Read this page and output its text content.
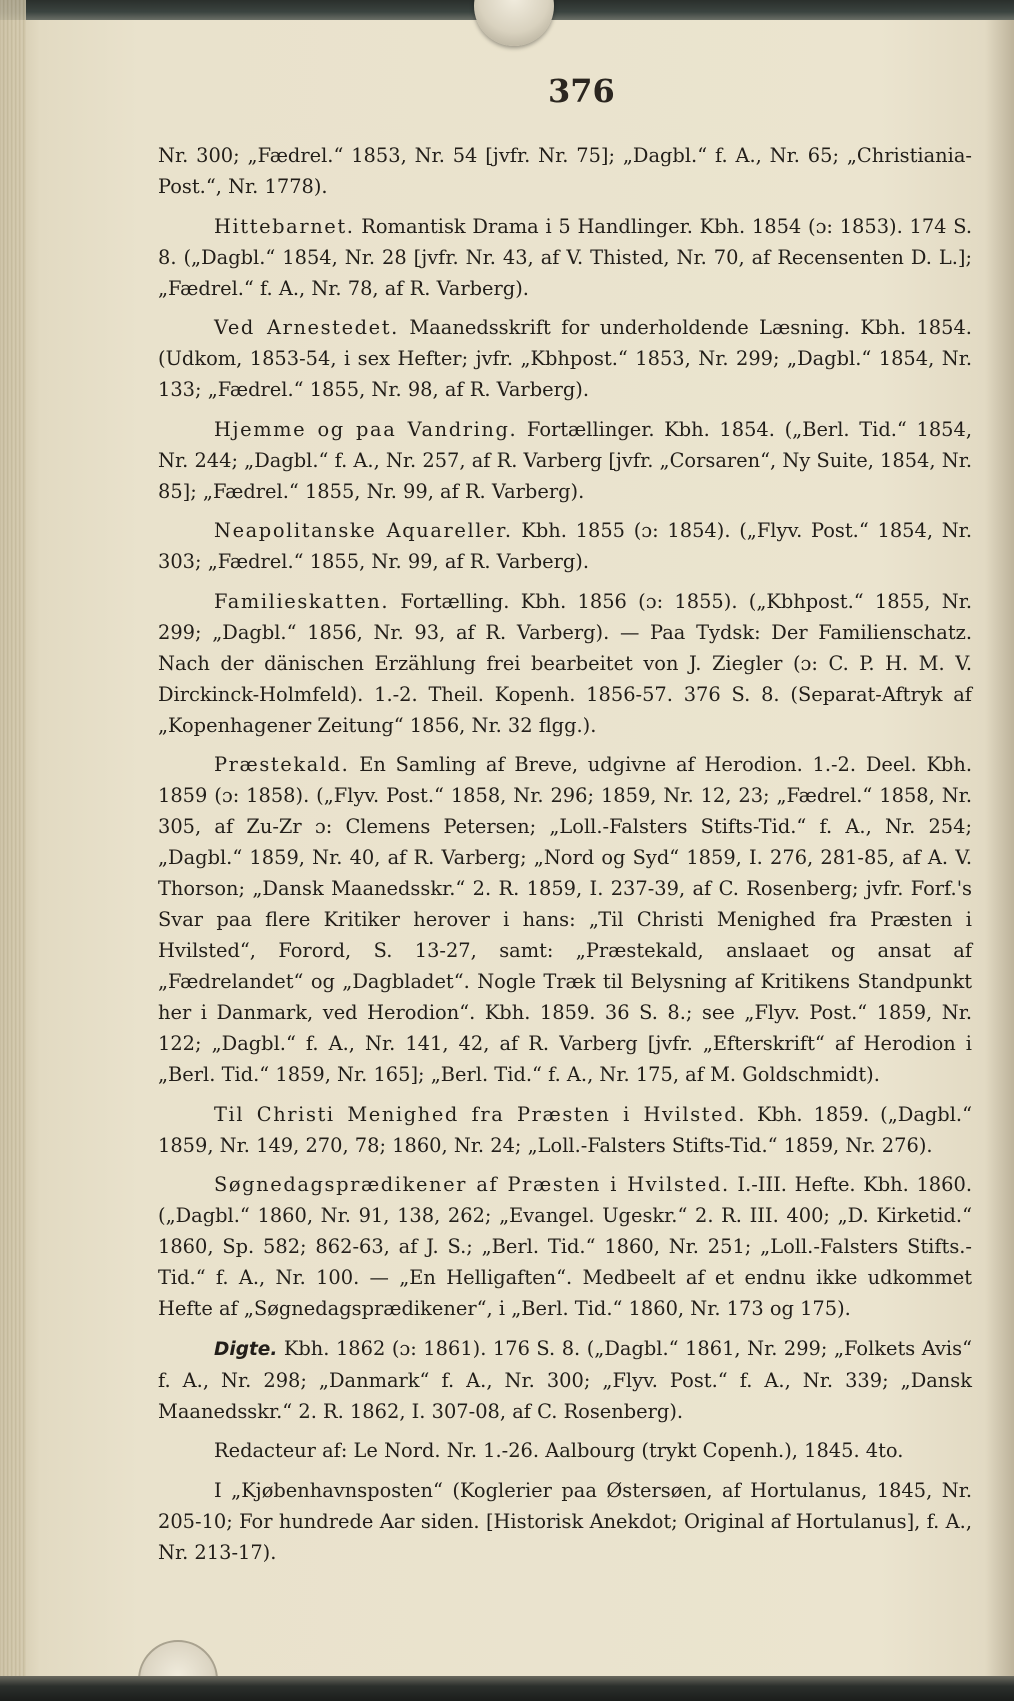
376

Nr. 300; „Fædrel.“ 1853, Nr. 54 [jvfr. Nr. 75]; „Dagbl.“ f. A., Nr. 65; „Christiania-Post.“, Nr. 1778).

Hittebarnet. Romantisk Drama i 5 Handlinger. Kbh. 1854 (ɔ: 1853). 174 S. 8. („Dagbl.“ 1854, Nr. 28 [jvfr. Nr. 43, af V. Thisted, Nr. 70, af Recensenten D. L.]; „Fædrel.“ f. A., Nr. 78, af R. Varberg).

Ved Arnestedet. Maanedsskrift for underholdende Læsning. Kbh. 1854. (Udkom, 1853-54, i sex Hefter; jvfr. „Kbhpost.“ 1853, Nr. 299; „Dagbl.“ 1854, Nr. 133; „Fædrel.“ 1855, Nr. 98, af R. Varberg).

Hjemme og paa Vandring. Fortællinger. Kbh. 1854. („Berl. Tid.“ 1854, Nr. 244; „Dagbl.“ f. A., Nr. 257, af R. Varberg [jvfr. „Corsaren“, Ny Suite, 1854, Nr. 85]; „Fædrel.“ 1855, Nr. 99, af R. Varberg).

Neapolitanske Aquareller. Kbh. 1855 (ɔ: 1854). („Flyv. Post.“ 1854, Nr. 303; „Fædrel.“ 1855, Nr. 99, af R. Varberg).

Familieskatten. Fortælling. Kbh. 1856 (ɔ: 1855). („Kbhpost.“ 1855, Nr. 299; „Dagbl.“ 1856, Nr. 93, af R. Varberg). — Paa Tydsk: Der Familienschatz. Nach der dänischen Erzählung frei bearbeitet von J. Ziegler (ɔ: C. P. H. M. V. Dirckinck-Holmfeld). 1.-2. Theil. Kopenh. 1856-57. 376 S. 8. (Separat-Aftryk af „Kopenhagener Zeitung“ 1856, Nr. 32 flgg.).

Præstekald. En Samling af Breve, udgivne af Herodion. 1.-2. Deel. Kbh. 1859 (ɔ: 1858). („Flyv. Post.“ 1858, Nr. 296; 1859, Nr. 12, 23; „Fædrel.“ 1858, Nr. 305, af Zu-Zr ɔ: Clemens Petersen; „Loll.-Falsters Stifts-Tid.“ f. A., Nr. 254; „Dagbl.“ 1859, Nr. 40, af R. Varberg; „Nord og Syd“ 1859, I. 276, 281-85, af A. V. Thorson; „Dansk Maanedsskr.“ 2. R. 1859, I. 237-39, af C. Rosenberg; jvfr. Forf.'s Svar paa flere Kritiker herover i hans: „Til Christi Menighed fra Præsten i Hvilsted“, Forord, S. 13-27, samt: „Præstekald, anslaaet og ansat af „Fædrelandet“ og „Dagbladet“. Nogle Træk til Belysning af Kritikens Standpunkt her i Danmark, ved Herodion“. Kbh. 1859. 36 S. 8.; see „Flyv. Post.“ 1859, Nr. 122; „Dagbl.“ f. A., Nr. 141, 42, af R. Varberg [jvfr. „Efterskrift“ af Herodion i „Berl. Tid.“ 1859, Nr. 165]; „Berl. Tid.“ f. A., Nr. 175, af M. Goldschmidt).

Til Christi Menighed fra Præsten i Hvilsted. Kbh. 1859. („Dagbl.“ 1859, Nr. 149, 270, 78; 1860, Nr. 24; „Loll.-Falsters Stifts-Tid.“ 1859, Nr. 276).

Søgnedagsprædikener af Præsten i Hvilsted. I.-III. Hefte. Kbh. 1860. („Dagbl.“ 1860, Nr. 91, 138, 262; „Evangel. Ugeskr.“ 2. R. III. 400; „D. Kirketid.“ 1860, Sp. 582; 862-63, af J. S.; „Berl. Tid.“ 1860, Nr. 251; „Loll.-Falsters Stifts.-Tid.“ f. A., Nr. 100. — „En Helligaften“. Medbeelt af et endnu ikke udkommet Hefte af „Søgnedagsprædikener“, i „Berl. Tid.“ 1860, Nr. 173 og 175).

Digte. Kbh. 1862 (ɔ: 1861). 176 S. 8. („Dagbl.“ 1861, Nr. 299; „Folkets Avis“ f. A., Nr. 298; „Danmark“ f. A., Nr. 300; „Flyv. Post.“ f. A., Nr. 339; „Dansk Maanedsskr.“ 2. R. 1862, I. 307-08, af C. Rosenberg).

Redacteur af: Le Nord. Nr. 1.-26. Aalbourg (trykt Copenh.), 1845. 4to.

I „Kjøbenhavnsposten“ (Koglerier paa Østersøen, af Hortulanus, 1845, Nr. 205-10; For hundrede Aar siden. [Historisk Anekdot; Original af Hortulanus], f. A., Nr. 213-17).
